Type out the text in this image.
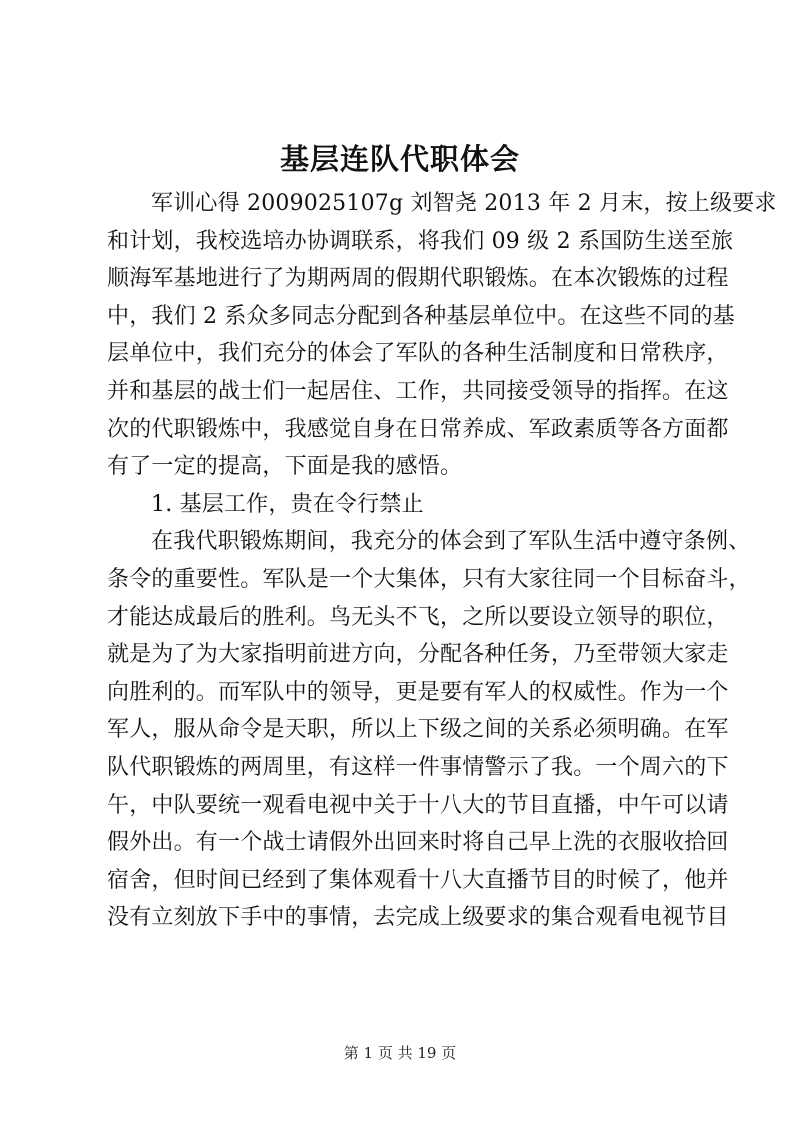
基层连队代职体会
军训心得 2009025107g 刘智尧 2013 年 2 月末，按上级要求
和计划，我校选培办协调联系，将我们 09 级 2 系国防生送至旅
顺海军基地进行了为期两周的假期代职锻炼。在本次锻炼的过程
中，我们 2 系众多同志分配到各种基层单位中。在这些不同的基
层单位中，我们充分的体会了军队的各种生活制度和日常秩序，
并和基层的战士们一起居住、工作，共同接受领导的指挥。在这
次的代职锻炼中，我感觉自身在日常养成、军政素质等各方面都
有了一定的提高，下面是我的感悟。
1. 基层工作，贵在令行禁止
在我代职锻炼期间，我充分的体会到了军队生活中遵守条例、
条令的重要性。军队是一个大集体，只有大家往同一个目标奋斗，
才能达成最后的胜利。鸟无头不飞，之所以要设立领导的职位，
就是为了为大家指明前进方向，分配各种任务，乃至带领大家走
向胜利的。而军队中的领导，更是要有军人的权威性。作为一个
军人，服从命令是天职，所以上下级之间的关系必须明确。在军
队代职锻炼的两周里，有这样一件事情警示了我。一个周六的下
午，中队要统一观看电视中关于十八大的节目直播，中午可以请
假外出。有一个战士请假外出回来时将自己早上洗的衣服收拾回
宿舍，但时间已经到了集体观看十八大直播节目的时候了，他并
没有立刻放下手中的事情，去完成上级要求的集合观看电视节目
第 1 页 共 19 页
